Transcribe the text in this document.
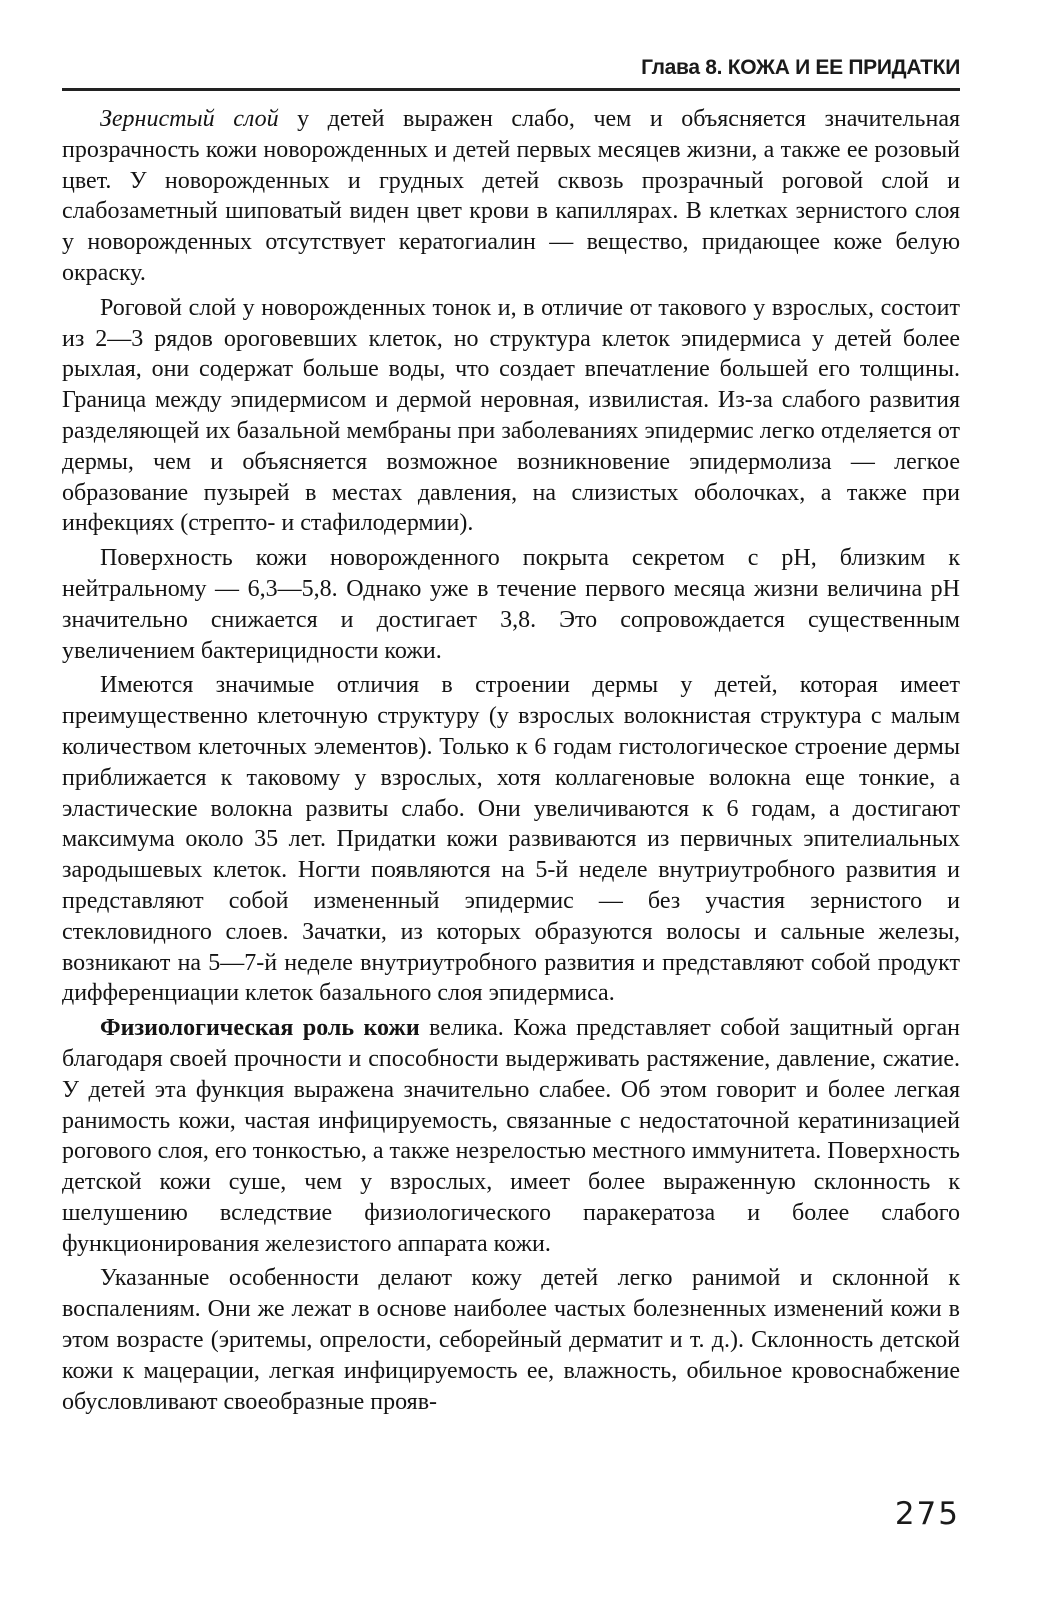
Глава 8. КОЖА И ЕЕ ПРИДАТКИ

Зернистый слой у детей выражен слабо, чем и объясняется значительная прозрачность кожи новорожденных и детей первых месяцев жизни, а также ее розовый цвет. У новорожденных и грудных детей сквозь прозрачный роговой слой и слабозаметный шиповатый виден цвет крови в капиллярах. В клетках зернистого слоя у новорожденных отсутствует кератогиалин — вещество, придающее коже белую окраску.

Роговой слой у новорожденных тонок и, в отличие от такового у взрослых, состоит из 2—3 рядов ороговевших клеток, но структура клеток эпидермиса у детей более рыхлая, они содержат больше воды, что создает впечатление большей его толщины. Граница между эпидермисом и дермой неровная, извилистая. Из-за слабого развития разделяющей их базальной мембраны при заболеваниях эпидермис легко отделяется от дермы, чем и объясняется возможное возникновение эпидермолиза — легкое образование пузырей в местах давления, на слизистых оболочках, а также при инфекциях (стрепто- и стафилодермии).

Поверхность кожи новорожденного покрыта секретом с pH, близким к нейтральному — 6,3—5,8. Однако уже в течение первого месяца жизни величина pH значительно снижается и достигает 3,8. Это сопровождается существенным увеличением бактерицидности кожи.

Имеются значимые отличия в строении дермы у детей, которая имеет преимущественно клеточную структуру (у взрослых волокнистая структура с малым количеством клеточных элементов). Только к 6 годам гистологическое строение дермы приближается к таковому у взрослых, хотя коллагеновые волокна еще тонкие, а эластические волокна развиты слабо. Они увеличиваются к 6 годам, а достигают максимума около 35 лет. Придатки кожи развиваются из первичных эпителиальных зародышевых клеток. Ногти появляются на 5-й неделе внутриутробного развития и представляют собой измененный эпидермис — без участия зернистого и стекловидного слоев. Зачатки, из которых образуются волосы и сальные железы, возникают на 5—7-й неделе внутриутробного развития и представляют собой продукт дифференциации клеток базального слоя эпидермиса.

Физиологическая роль кожи велика. Кожа представляет собой защитный орган благодаря своей прочности и способности выдерживать растяжение, давление, сжатие. У детей эта функция выражена значительно слабее. Об этом говорит и более легкая ранимость кожи, частая инфицируемость, связанные с недостаточной кератинизацией рогового слоя, его тонкостью, а также незрелостью местного иммунитета. Поверхность детской кожи суше, чем у взрослых, имеет более выраженную склонность к шелушению вследствие физиологического паракератоза и более слабого функционирования железистого аппарата кожи.

Указанные особенности делают кожу детей легко ранимой и склонной к воспалениям. Они же лежат в основе наиболее частых болезненных изменений кожи в этом возрасте (эритемы, опрелости, себорейный дерматит и т. д.). Склонность детской кожи к мацерации, легкая инфицируемость ее, влажность, обильное кровоснабжение обусловливают своеобразные прояв-

275
